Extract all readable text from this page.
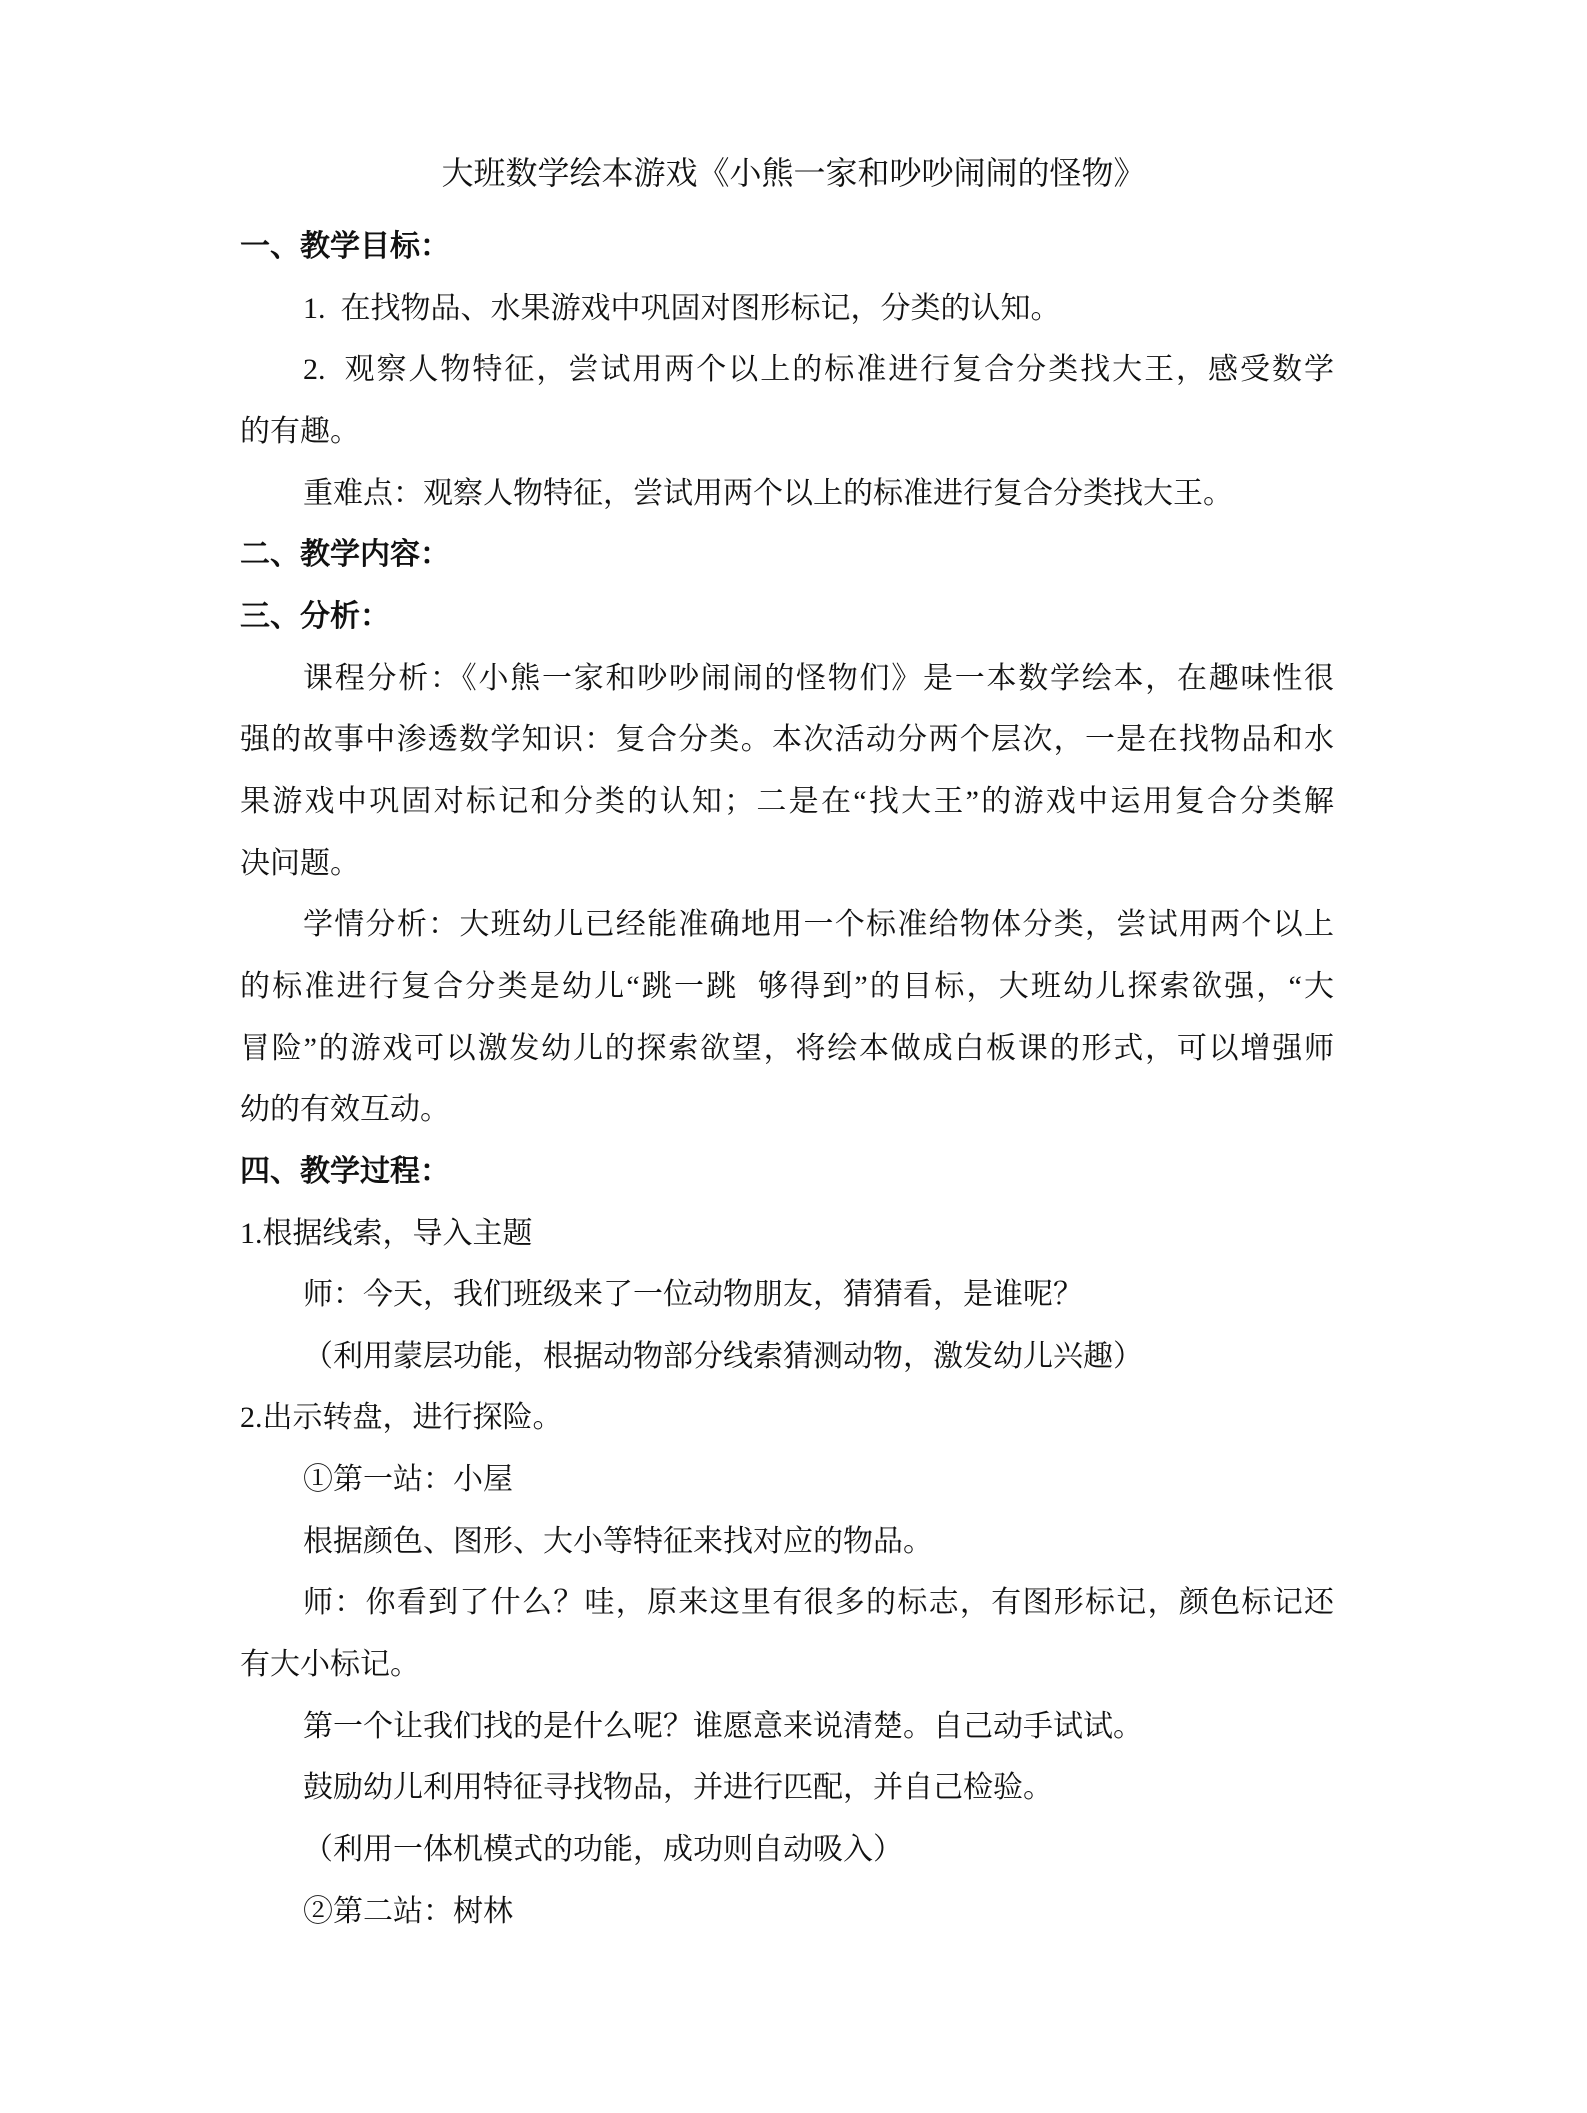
大班数学绘本游戏《小熊一家和吵吵闹闹的怪物》
一、教学目标：
1.  在找物品、水果游戏中巩固对图形标记，分类的认知。
2.  观察人物特征，尝试用两个以上的标准进行复合分类找大王，感受数学
的有趣。
重难点：观察人物特征，尝试用两个以上的标准进行复合分类找大王。
二、教学内容：
三、分析：
课程分析：《小熊一家和吵吵闹闹的怪物们》是一本数学绘本，在趣味性很
强的故事中渗透数学知识：复合分类。本次活动分两个层次，一是在找物品和水
果游戏中巩固对标记和分类的认知；二是在“找大王”的游戏中运用复合分类解
决问题。
学情分析：大班幼儿已经能准确地用一个标准给物体分类，尝试用两个以上
的标准进行复合分类是幼儿“跳一跳  够得到”的目标，大班幼儿探索欲强，“大
冒险”的游戏可以激发幼儿的探索欲望，将绘本做成白板课的形式，可以增强师
幼的有效互动。
四、教学过程：
1.根据线索，导入主题
师：今天，我们班级来了一位动物朋友，猜猜看，是谁呢？
（利用蒙层功能，根据动物部分线索猜测动物，激发幼儿兴趣）
2.出示转盘，进行探险。
①第一站：小屋
根据颜色、图形、大小等特征来找对应的物品。
师：你看到了什么？哇，原来这里有很多的标志，有图形标记，颜色标记还
有大小标记。
第一个让我们找的是什么呢？谁愿意来说清楚。自己动手试试。
鼓励幼儿利用特征寻找物品，并进行匹配，并自己检验。
（利用一体机模式的功能，成功则自动吸入）
②第二站：树林
